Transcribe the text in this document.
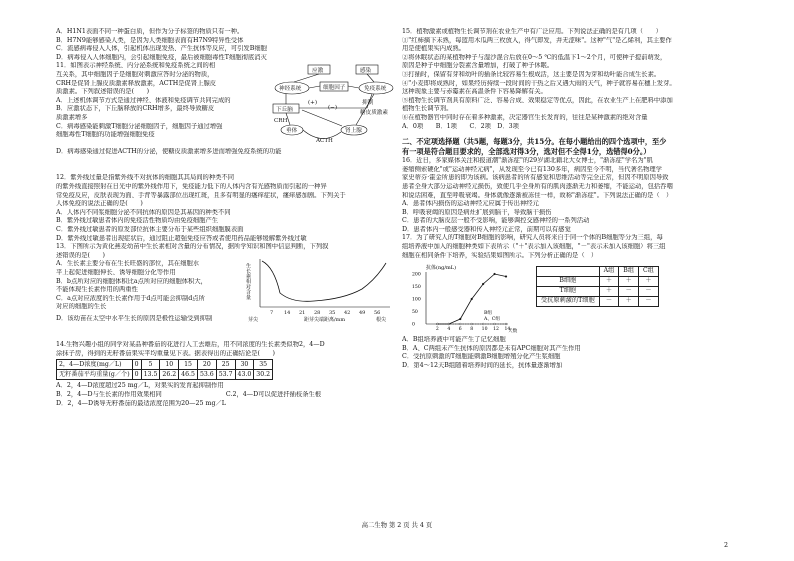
A．H1N1表面不同一种蛋白质，但作为分子标签的物质只有一种。
B．H7N9能够感染人类，是因为人类细胞表面有H7N9特异性受体
C．流感病毒侵入人体，引起机体出现发热、产生抗体等反应，可引发B细胞
D．病毒侵入人体细胞内，会引起细胞免疫，最后被细胞毒性T细胞彻底消灭
11．如图表示神经系统、内分泌系统和免疫系统之间的相
互关系，其中细胞因子是细胞对刺激应答时分泌的物质，
CRH是促肾上腺皮质激素释放激素，ACTH是促肾上腺皮
质激素。下列叙述错误的是(　　)
A．上述机体调节方式是通过神经、体液和免疫调节共同完成的
B．应激状态下，下丘脑释放的CRH增多，最终导致糖皮
质激素增多
C．病毒感染能刺激T细胞分泌细胞因子，细胞因子通过增强
细胞毒性T细胞的功能增强细胞免疫
D．病毒感染通过促进ACTH的分泌，使糖皮质激素增多进而增强免疫系统的功能
应激	感染
神经系统	细胞因子	免疫系统
下丘脑
(+)
(−)
抑制
糖皮质激素
CRH
垂体	肾上腺
ACTH
12．紫外线过量是指紫外线不对抗体的细胞其其局间的种类不同
的紫外线直接照射在日光中的紫外线作用下，免疫能力低下的人体内含有光感物质而引起的一种异
常免疫反应，皮肤表现为面、手背等暴露部位出现红斑，且多有明显的瘙痒症状，瘙痒感加剧。下列关于
人体免疫的说法正确的是(　　)
A．人体内不同浆细胞分泌不同抗体的原因是其基因的种类不同
B．紫外线过敏患者体内的免疫活性物质均由免疫细胞产生
C．紫外线过敏患者的原发部位抗体主要分布于某些组织细胞膜表面
D．紫外线过敏患者出现症状后，通过阻止超强免疫应答或者使用药品能够缓解紫外线过敏
13．下图所示为黄化燕麦幼苗中生长素相对含量的分布情况，据所学知识和图中信息判断，下列叙
述错误的是(　　)
A．生长素主要分布在生长旺盛的部位，其在细胞水
平上起促进细胞伸长、诱导细胞分化等作用
B．b点所对应的细胞体积比a点所对应的细胞体积大，
不能体现生长素作用的两重性
C．a点对应浓度的生长素作用于d点可能会抑制d点所
对应的细胞的生长
D．该幼苗在太空中水平生长的原因是极性运输受到抑制
生长素相对含量
7 14 21 28 35 42 49 56
芽尖	距芽尖端距离/mm	根尖
14.生物兴趣小组的同学对某品种番茄的花进行人工去雄后，用不同浓度的生长素类似物2，4—D
涂抹子房，得到的无籽番茄果实平均重量见下表。据表得出的正确结论是(　　)
2，4—D浓度(mg／L)	0	5	10	15	20	25	30	35
无籽番茄平均重量(g／个)	0	13.5	26.2	46.5	53.6	53.7	43.0	30.2
A．2，4—D浓度超过25 mg／L，对果实的发育起抑制作用
B．2，4—D与生长素的作用效果相同	C.2，4—D可以促进扦插枝条生根
D．2，4—D诱导无籽番茄的最适浓度范围为20—25 mg／L
15．植物激素或植物生长调节剂在农业生产中有广泛应用。下列说法正确的是有几项（　　）
①"红柿摘下未熟，每篮用木瓜两三枚放入，得气即发，并无涩味"。这种"气"是乙烯利，其主要作
用是使植果实内成熟。
②将休眠状态的某植物种子与湿沙混合后放在0～5 ℃的低温下1～2个月，可使种子提前萌发，
原因是种子中细胞分裂素含量增加，打破了种子休眠。
③打插时，保留有芽和幼叶的插条比较容易生根成活，这主要是因为芽和幼叶能合成生长素。
④"小麦即将成熟时，如果经历持续一段时间的干热之后又遇大雨的天气，种子就容易在穗上发芽。
这种现象主要与赤霉素在高温条件下容易降解有关。
⑤植物生长调节剂具有原料广泛、容易合成、效果稳定等优点，因此，在农业生产上在肥料中添加
植物生长调节剂。
⑥在植物器官中同时存在着多种激素，决定器官生长发育的，往往是某种激素的绝对含量
A．0项　　B．1项　　C．2项　D．3项
二、不定项选择题（共5题，每题3分，共15分。在每小题给出的四个选项中，至少
有一项是符合题目要求的，全部选对得3分，选对但不全得1分，选错得0分。）
16．近日，多家媒体关注和报道潮"渐冻症"的29岁湖北籍北大女博士，"渐冻症"学名为"肌
萎缩侧索硬化"或"运动神经元病"，从发现至今已有130多年，病因至今不明，当代著名物理学
家史蒂芬·霍金所患的即为该病。该病患者的所有感觉和思维活动等完全正常，但因不明原因导致
患者全身大部分运动神经元损伤，致使几乎全身所有的肌肉逐渐无力和萎缩，不能运动，包括吞咽
和说话困难，直至呼吸衰竭。身体就像逐渐被冻住一样，故称"渐冻症"。下列说法正确的是（　）
A．患者体内损伤的运动神经元应属于传出神经元
B．呼吸衰竭的原因是病灶扩展到脑干，导致脑干损伤
C．患者的大脑皮层一般不受影响，能够调控交感神经的一系列活动
D．患者体内一般感受器和传入神经元正常，前期可以有感觉
17．为了研究人的T细胞对B细胞的影响，研究人员将来自于同一个体的B细胞等分为三组，每
组培养液中加入的细胞种类如下表所示（"＋"表示加入该细胞，"－"表示未加入该细胞）将三组
细胞在相同条件下培养，实验结果如图所示。下列分析正确的是（　）
抗体(ng/mL)
0
50
100
150
200
2 4 6 8 10 12 14
B组
A、C组
天数
	A组	B组	C组
B细胞	＋	＋	＋
T细胞	＋	－	－
受抗原刺激的T细胞	－	＋	－
A．B组培养液中可能产生了记忆细胞
B．A、C两组未产生抗体的原因都是未有APC细胞对其产生作用
C．受抗原刺激的T细胞能刺激B细胞增殖分化产生浆细胞
D．第4～12天B组随着培养时间的延长，抗体量逐渐增加
高二生物 第 2 页 共 4 页
2
